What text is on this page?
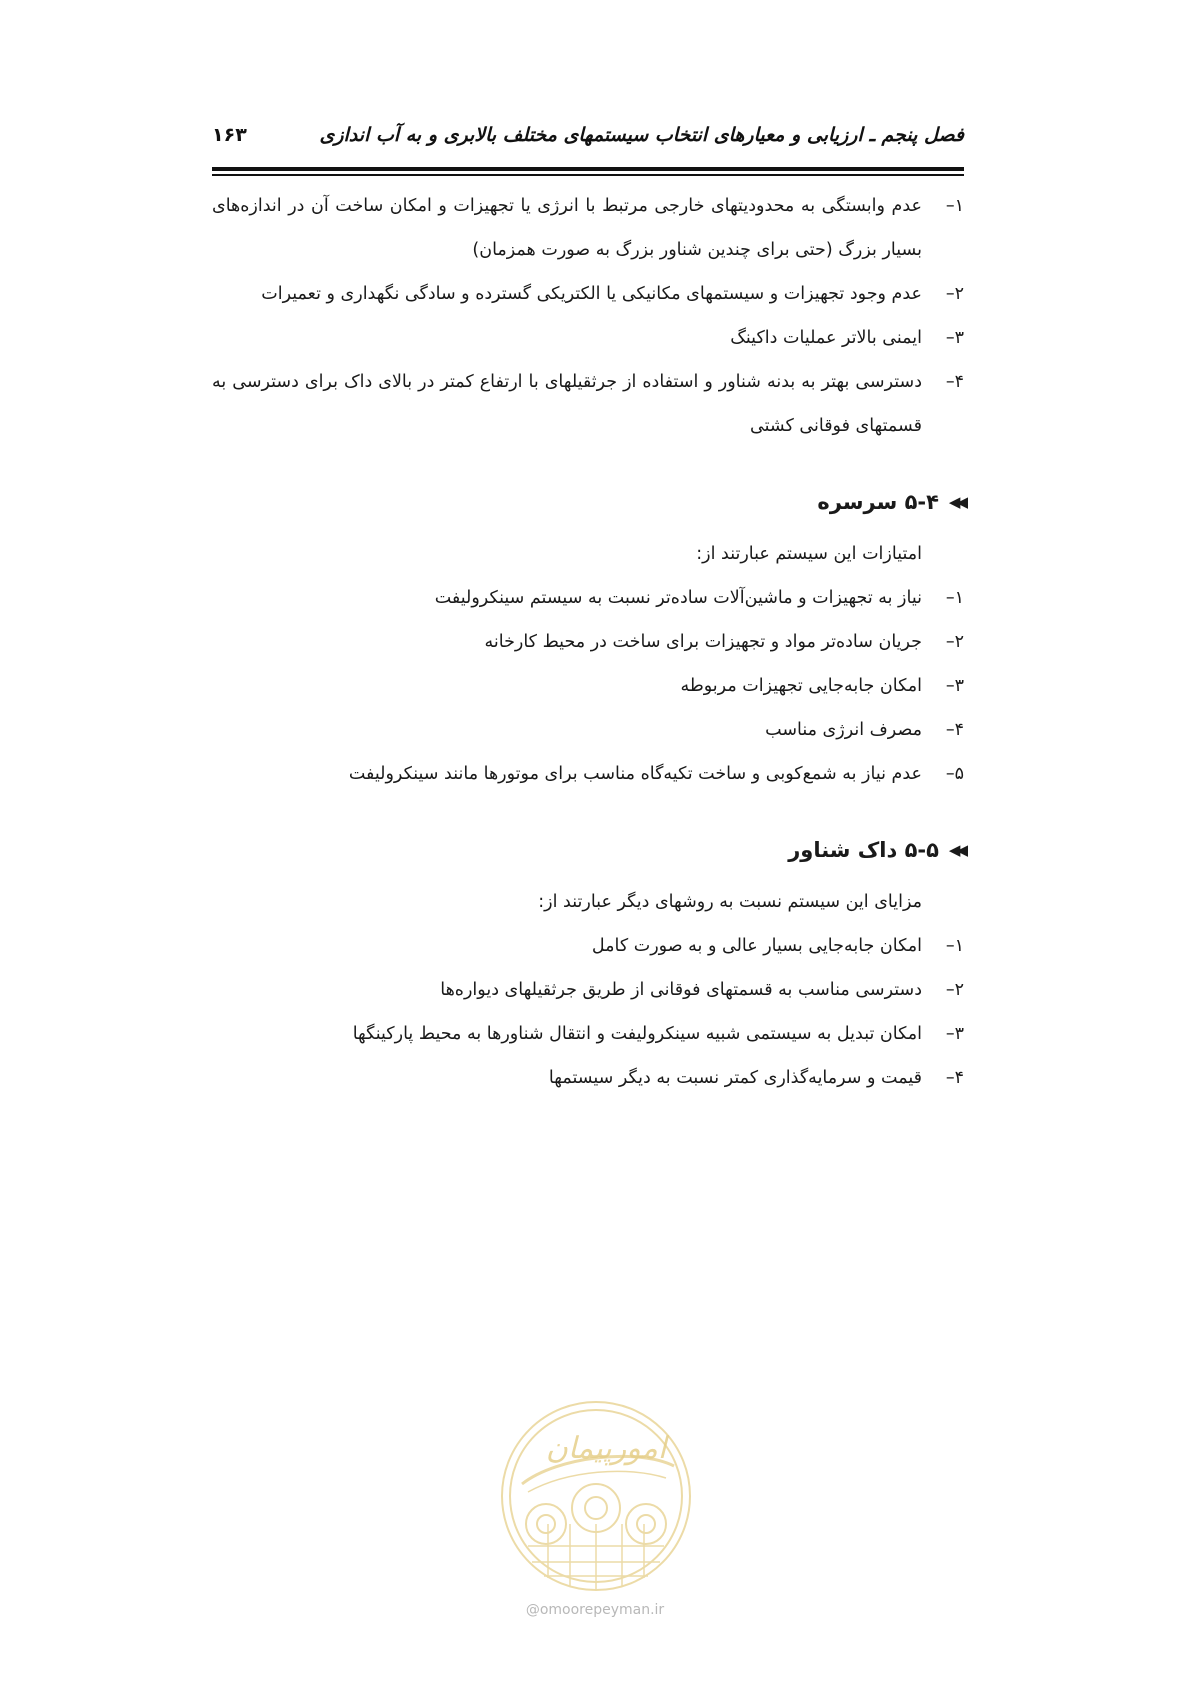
فصل پنجم ـ ارزیابی و معیارهای انتخاب سیستمهای مختلف بالابری و به آب اندازی
۱۶۳
۱–
عدم وابستگی به محدودیتهای خارجی مرتبط با انرژی یا تجهیزات و امکان ساخت آن در اندازه‌های بسیار بزرگ (حتی برای چندین شناور بزرگ به صورت همزمان)
۲–
عدم وجود تجهیزات و سیستمهای مکانیکی یا الکتریکی گسترده و سادگی نگهداری و تعمیرات
۳–
ایمنی بالاتر عملیات داکینگ
۴–
دسترسی بهتر به بدنه شناور و استفاده از جرثقیلهای با ارتفاع کمتر در بالای داک برای دسترسی به قسمتهای فوقانی کشتی
◀◀
۵-۴ سرسره

امتیازات این سیستم عبارتند از:

۱–
نیاز به تجهیزات و ماشین‌آلات ساده‌تر نسبت به سیستم سینکرولیفت
۲–
جریان ساده‌تر مواد و تجهیزات برای ساخت در محیط کارخانه
۳–
امکان جابه‌جایی تجهیزات مربوطه
۴–
مصرف انرژی مناسب
۵–
عدم نیاز به شمع‌کوبی و ساخت تکیه‌گاه مناسب برای موتورها مانند سینکرولیفت
◀◀
۵-۵ داک شناور

مزایای این سیستم نسبت به روشهای دیگر عبارتند از:

۱–
امکان جابه‌جایی بسیار عالی و به صورت کامل
۲–
دسترسی مناسب به قسمتهای فوقانی از طریق جرثقیلهای دیواره‌ها
۳–
امکان تبدیل به سیستمی شبیه سینکرولیفت و انتقال شناورها به محیط پارکینگها
۴–
قیمت و سرمایه‌گذاری کمتر نسبت به دیگر سیستمها
امورپیمان
@omoorepeyman.ir
